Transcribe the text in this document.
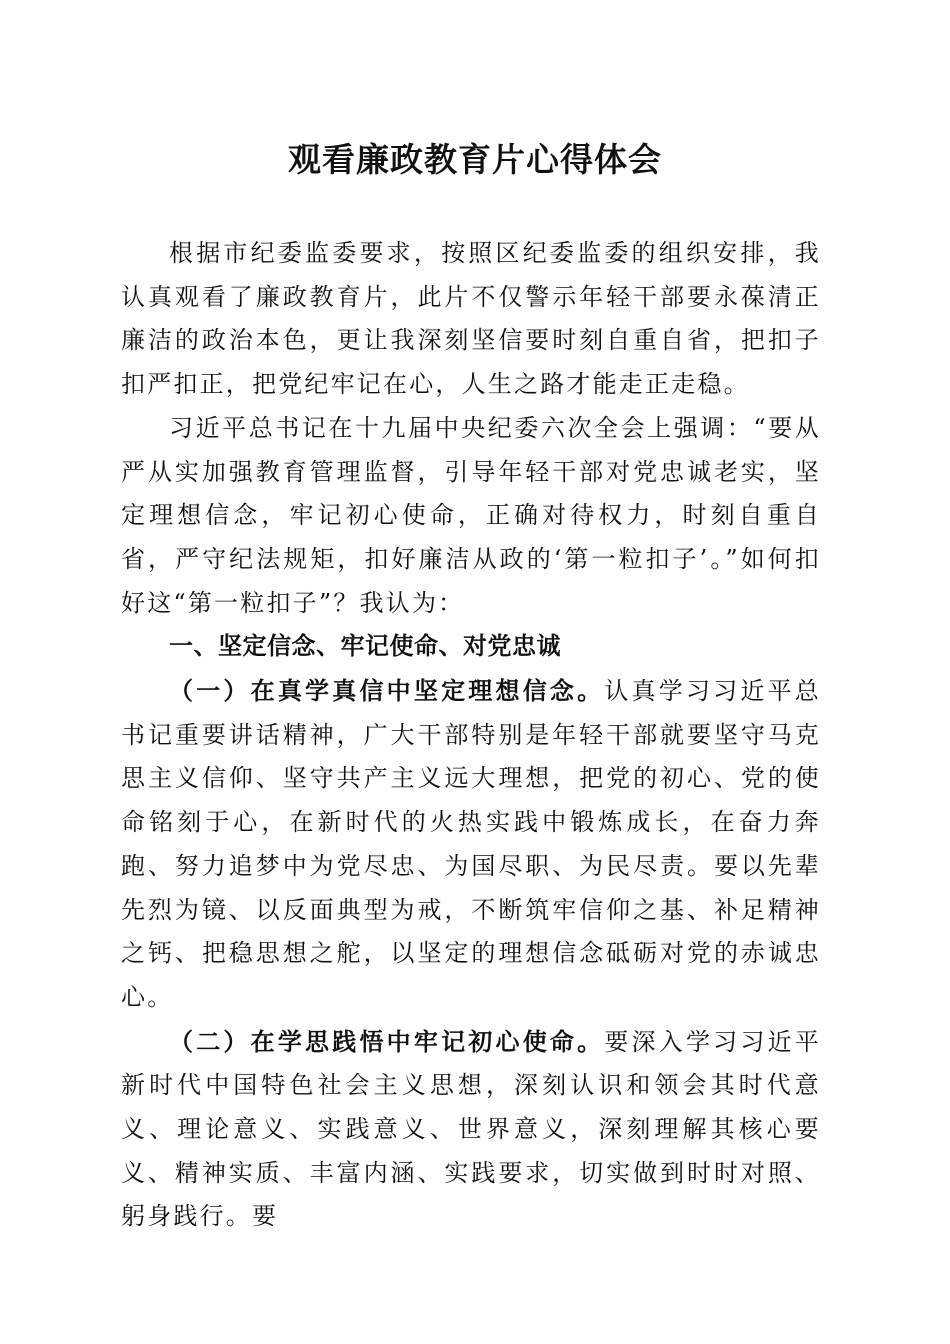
观看廉政教育片心得体会

根据市纪委监委要求，按照区纪委监委的组织安排，我认真观看了廉政教育片，此片不仅警示年轻干部要永葆清正廉洁的政治本色，更让我深刻坚信要时刻自重自省，把扣子扣严扣正，把党纪牢记在心，人生之路才能走正走稳。

习近平总书记在十九届中央纪委六次全会上强调：“要从严从实加强教育管理监督，引导年轻干部对党忠诚老实，坚定理想信念，牢记初心使命，正确对待权力，时刻自重自省，严守纪法规矩，扣好廉洁从政的‘第一粒扣子’。”如何扣好这“第一粒扣子”？我认为：

一、坚定信念、牢记使命、对党忠诚

（一）在真学真信中坚定理想信念。认真学习习近平总书记重要讲话精神，广大干部特别是年轻干部就要坚守马克思主义信仰、坚守共产主义远大理想，把党的初心、党的使命铭刻于心，在新时代的火热实践中锻炼成长，在奋力奔跑、努力追梦中为党尽忠、为国尽职、为民尽责。要以先辈先烈为镜、以反面典型为戒，不断筑牢信仰之基、补足精神之钙、把稳思想之舵，以坚定的理想信念砥砺对党的赤诚忠心。

（二）在学思践悟中牢记初心使命。要深入学习习近平新时代中国特色社会主义思想，深刻认识和领会其时代意义、理论意义、实践意义、世界意义，深刻理解其核心要义、精神实质、丰富内涵、实践要求，切实做到时时对照、躬身践行。要
